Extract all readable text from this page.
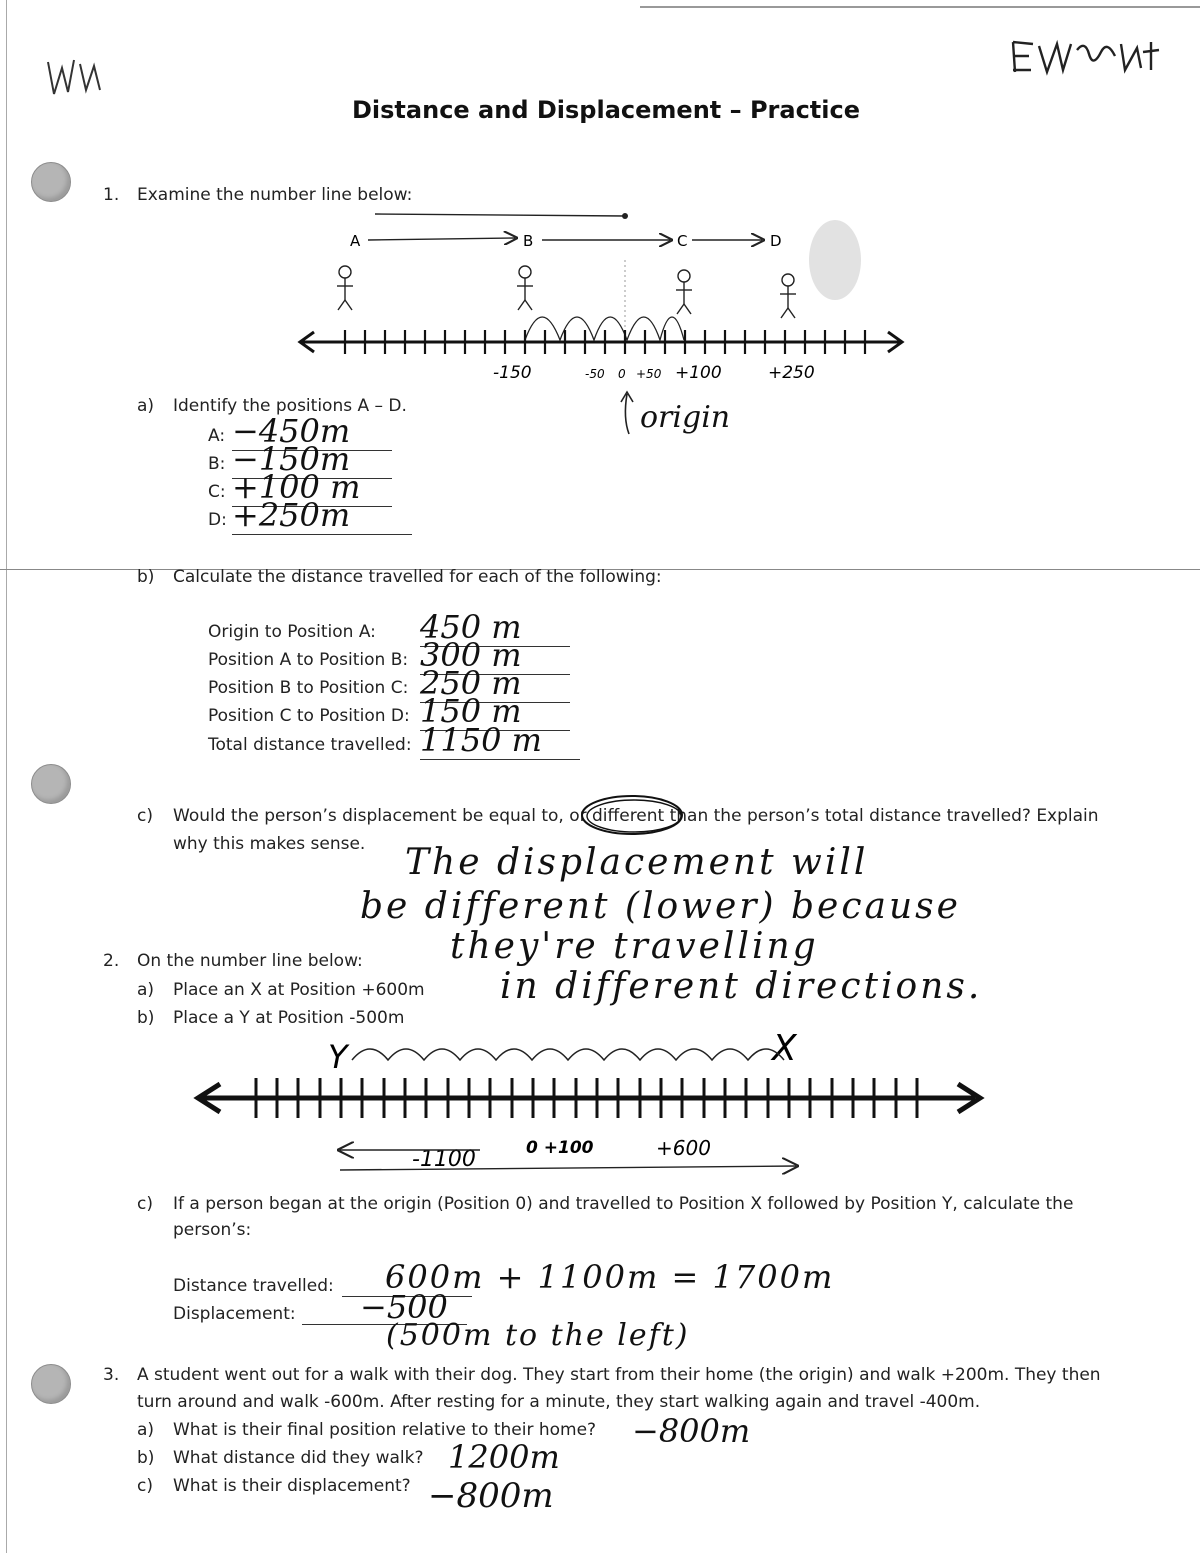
Distance and Displacement – Practice
1. Examine the number line below:
A	B	C	D
-150	-50 0 +50 +100	+250
origin
a) Identify the positions A – D.
A: −450m
B: −150m
C: +100 m
D: +250m
b) Calculate the distance travelled for each of the following:
Origin to Position A: 450 m
Position A to Position B: 300 m
Position B to Position C: 250 m
Position C to Position D: 150 m
Total distance travelled: 1150 m
c) Would the person’s displacement be equal to, or different than the person’s total distance travelled? Explain
why this makes sense. The displacement will
be different (lower) because
they're travelling
in different directions.
2. On the number line below:
a) Place an X at Position +600m
b) Place a Y at Position -500m
Y	X
-1100	0 +100	+600
c) If a person began at the origin (Position 0) and travelled to Position X followed by Position Y, calculate the
person’s:
Distance travelled: 600m + 1100m = 1700m
Displacement: −500
(500m to the left)
3. A student went out for a walk with their dog. They start from their home (the origin) and walk +200m. They then
turn around and walk -600m. After resting for a minute, they start walking again and travel -400m.
a) What is their final position relative to their home? −800m
b) What distance did they walk? 1200m
c) What is their displacement? −800m
